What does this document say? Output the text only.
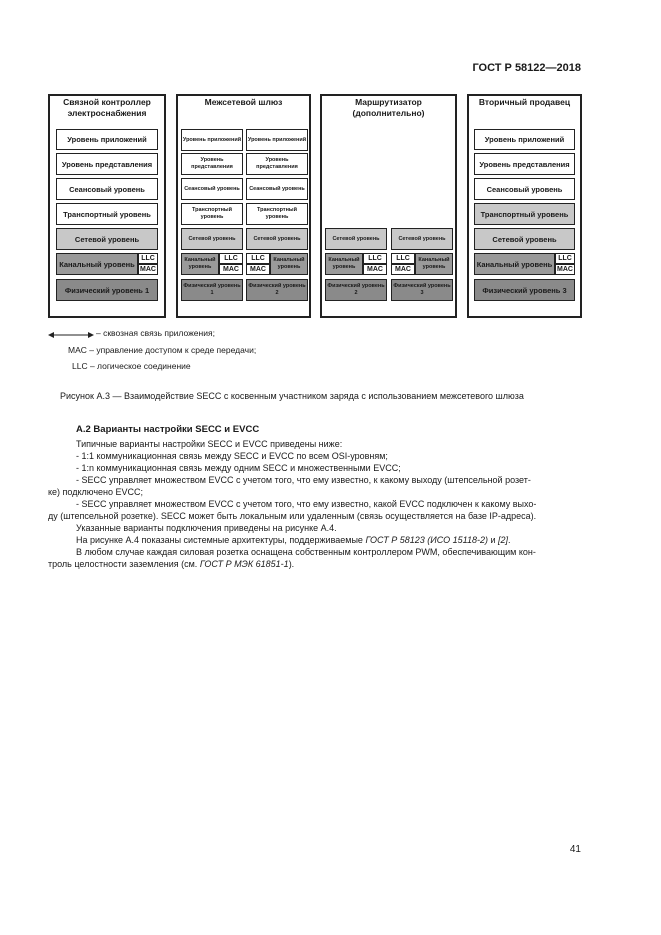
ГОСТ Р 58122—2018
Связной контроллер электроснабжения
Уровень приложений
Уровень представления
Сеансовый уровень
Транспортный уровень
Сетевой уровень
Канальный уровень
LLC
MAC
Физический уровень 1
Межсетевой шлюз
Уровень приложений	Уровень приложений
Уровень представления
Уровень представления
Сеансовый уровень	Сеансовый уровень
Транспортный уровень
Транспортный уровень
Сетевой уровень	Сетевой уровень
Канальный уровень
LLC
MAC
LLC
MAC
Канальный уровень
Физический уровень 1
Физический уровень 2
Маршрутизатор (дополнительно)
Сетевой уровень	Сетевой уровень
Канальный уровень
LLC
MAC
LLC
MAC
Канальный уровень
Физический уровень 2
Физический уровень 3
Вторичный продавец
Уровень приложений
Уровень представления
Сеансовый уровень
Транспортный уровень
Сетевой уровень
Канальный уровень
LLC
MAC
Физический уровень 3
– сквозная связь приложения;
MAC – управление доступом к среде передачи;
LLC – логическое соединение
Рисунок А.3 — Взаимодействие SECC с косвенным участником заряда с использованием межсетевого шлюза
А.2 Варианты настройки SECC и EVCC
Типичные варианты настройки SECC и EVCC приведены ниже:
- 1:1 коммуникационная связь между SECC и EVCC по всем OSI-уровням;
- 1:n коммуникационная связь между одним SECC и множественными EVCC;
- SECC управляет множеством EVCC с учетом того, что ему известно, к какому выходу (штепсельной розет-
ке) подключено EVCC;
- SECC управляет множеством EVCC с учетом того, что ему известно, какой EVCC подключен к какому выхо-
ду (штепсельной розетке). SECC может быть локальным или удаленным (связь осуществляется на базе IP-адреса).
Указанные варианты подключения приведены на рисунке А.4.
На рисунке А.4 показаны системные архитектуры, поддерживаемые ГОСТ Р 58123 (ИСО 15118-2) и [2].
В любом случае каждая силовая розетка оснащена собственным контроллером PWM, обеспечивающим кон-
троль целостности заземления (см. ГОСТ Р МЭК 61851-1).
41
